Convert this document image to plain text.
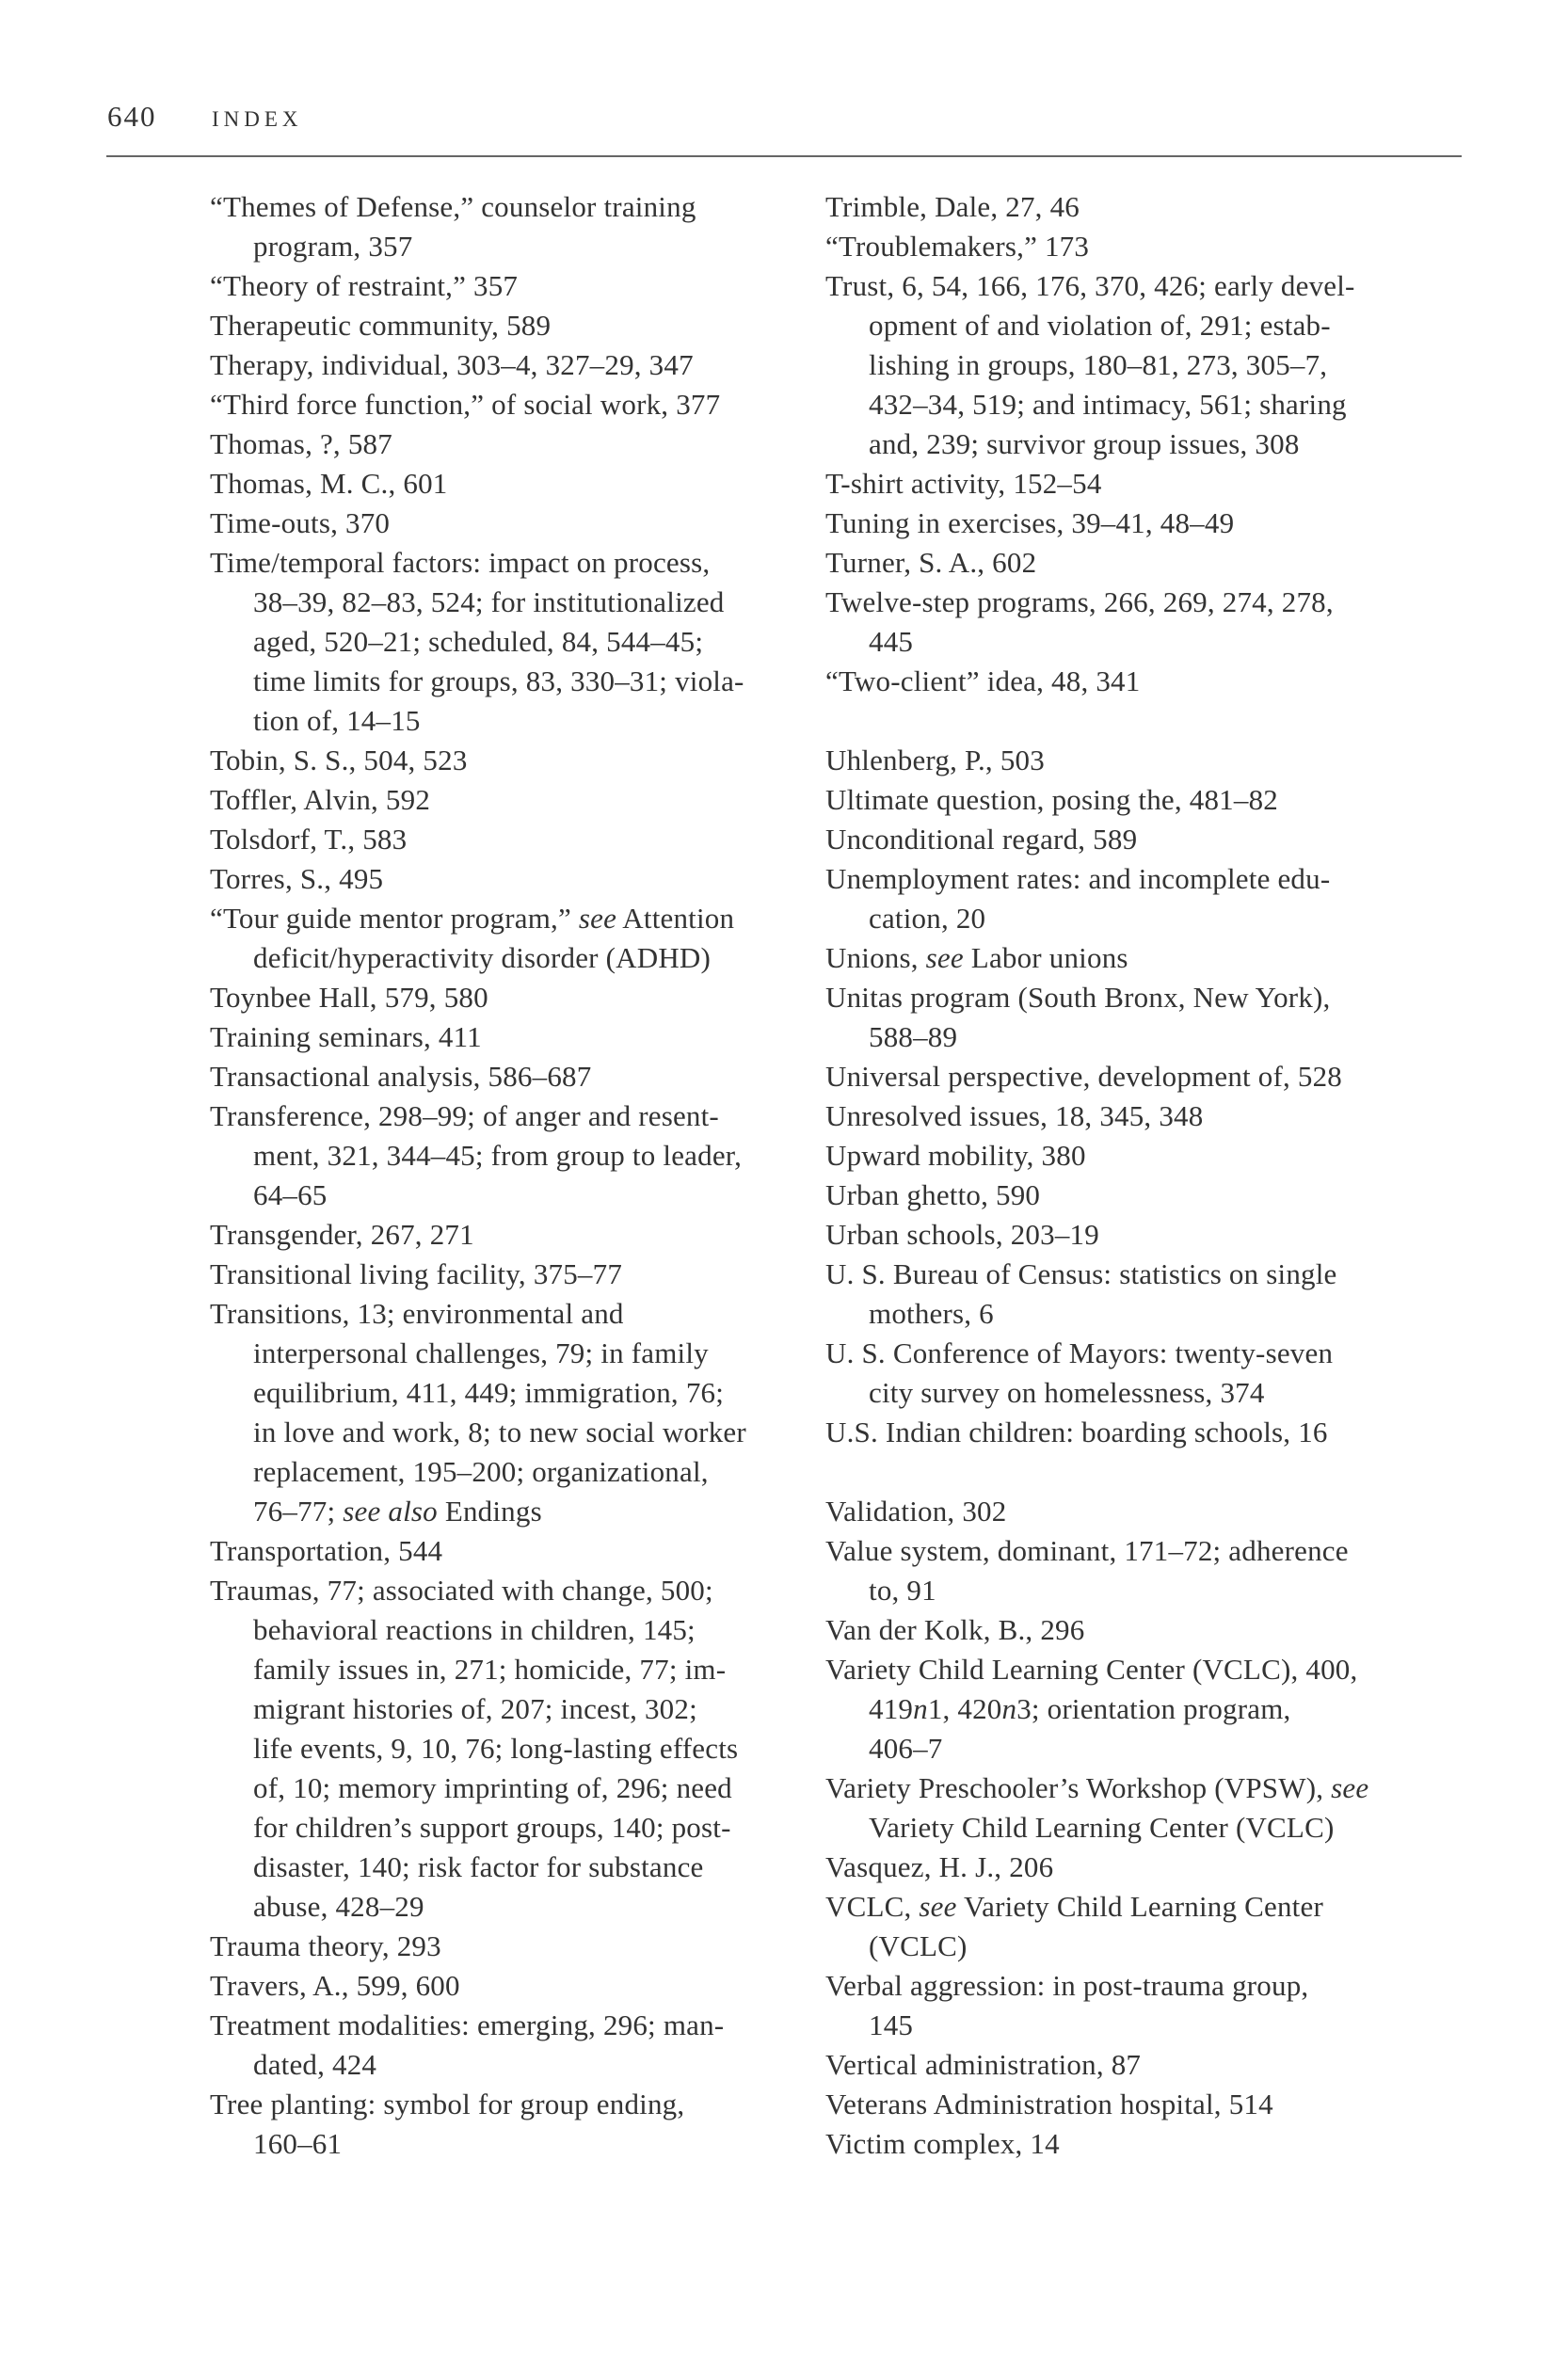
640	INDEX
“Themes of Defense,” counselor training
program, 357
“Theory of restraint,” 357
Therapeutic community, 589
Therapy, individual, 303–4, 327–29, 347
“Third force function,” of social work, 377
Thomas, ?, 587
Thomas, M. C., 601
Time-outs, 370
Time/temporal factors: impact on process,
38–39, 82–83, 524; for institutionalized
aged, 520–21; scheduled, 84, 544–45;
time limits for groups, 83, 330–31; viola-
tion of, 14–15
Tobin, S. S., 504, 523
Toffler, Alvin, 592
Tolsdorf, T., 583
Torres, S., 495
“Tour guide mentor program,” see Attention
deficit/hyperactivity disorder (ADHD)
Toynbee Hall, 579, 580
Training seminars, 411
Transactional analysis, 586–687
Transference, 298–99; of anger and resent-
ment, 321, 344–45; from group to leader,
64–65
Transgender, 267, 271
Transitional living facility, 375–77
Transitions, 13; environmental and
interpersonal challenges, 79; in family
equilibrium, 411, 449; immigration, 76;
in love and work, 8; to new social worker
replacement, 195–200; organizational,
76–77; see also Endings
Transportation, 544
Traumas, 77; associated with change, 500;
behavioral reactions in children, 145;
family issues in, 271; homicide, 77; im-
migrant histories of, 207; incest, 302;
life events, 9, 10, 76; long-lasting effects
of, 10; memory imprinting of, 296; need
for children’s support groups, 140; post-
disaster, 140; risk factor for substance
abuse, 428–29
Trauma theory, 293
Travers, A., 599, 600
Treatment modalities: emerging, 296; man-
dated, 424
Tree planting: symbol for group ending,
160–61
Trimble, Dale, 27, 46
“Troublemakers,” 173
Trust, 6, 54, 166, 176, 370, 426; early devel-
opment of and violation of, 291; estab-
lishing in groups, 180–81, 273, 305–7,
432–34, 519; and intimacy, 561; sharing
and, 239; survivor group issues, 308
T-shirt activity, 152–54
Tuning in exercises, 39–41, 48–49
Turner, S. A., 602
Twelve-step programs, 266, 269, 274, 278,
445
“Two-client” idea, 48, 341
Uhlenberg, P., 503
Ultimate question, posing the, 481–82
Unconditional regard, 589
Unemployment rates: and incomplete edu-
cation, 20
Unions, see Labor unions
Unitas program (South Bronx, New York),
588–89
Universal perspective, development of, 528
Unresolved issues, 18, 345, 348
Upward mobility, 380
Urban ghetto, 590
Urban schools, 203–19
U. S. Bureau of Census: statistics on single
mothers, 6
U. S. Conference of Mayors: twenty-seven
city survey on homelessness, 374
U.S. Indian children: boarding schools, 16
Validation, 302
Value system, dominant, 171–72; adherence
to, 91
Van der Kolk, B., 296
Variety Child Learning Center (VCLC), 400,
419n1, 420n3; orientation program,
406–7
Variety Preschooler’s Workshop (VPSW), see
Variety Child Learning Center (VCLC)
Vasquez, H. J., 206
VCLC, see Variety Child Learning Center
(VCLC)
Verbal aggression: in post-trauma group,
145
Vertical administration, 87
Veterans Administration hospital, 514
Victim complex, 14
